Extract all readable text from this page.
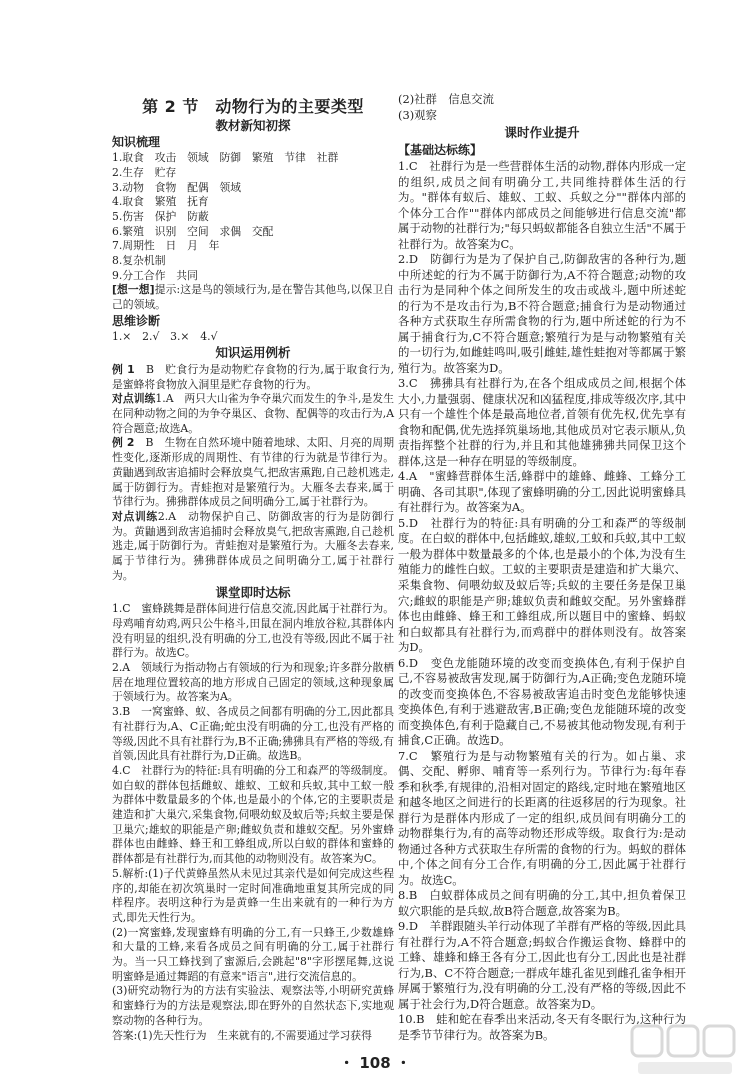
第 2 节　动物行为的主要类型
教材新知初探
知识梳理

1.取食　攻击　领域　防御　繁殖　节律　社群

2.生存　贮存

3.动物　食物　配偶　领域

4.取食　繁殖　抚育

5.伤害　保护　防蔽

6.繁殖　识别　空间　求偶　交配

7.周期性　日　月　年

8.复杂机制

9.分工合作　共同

[想一想]提示:这是鸟的领域行为,是在警告其他鸟,以保卫自己的领域。

思维诊断

1.×　2.√　3.×　4.√

知识运用例析

例 1　 B　贮食行为是动物贮存食物的行为,属于取食行为,是蜜蜂将食物放入洞里是贮存食物的行为。

对点训练1.A　两只大山雀为争夺巢穴而发生的争斗,是发生在同种动物之间的为争夺巢区、食物、配偶等的攻击行为,A符合题意;故选A。

例 2　 B　生物在自然环境中随着地球、太阳、月亮的周期性变化,逐渐形成的周期性、有节律的行为就是节律行为。黄鼬遇到敌害追捕时会释放臭气,把敌害熏跑,自己趁机逃走,属于防御行为。青蛙抱对是繁殖行为。大雁冬去春来,属于节律行为。狒狒群体成员之间明确分工,属于社群行为。

对点训练2.A　动物保护自己、防御敌害的行为是防御行为。黄鼬遇到敌害追捕时会释放臭气,把敌害熏跑,自己趁机逃走,属于防御行为。青蛙抱对是繁殖行为。大雁冬去春来,属于节律行为。狒狒群体成员之间明确分工,属于社群行为。

课堂即时达标

1.C　蜜蜂跳舞是群体间进行信息交流,因此属于社群行为。母鸡哺育幼鸡,两只公牛格斗,田鼠在洞内堆放谷粒,其群体内没有明显的组织,没有明确的分工,也没有等级,因此不属于社群行为。故选C。

2.A　领域行为指动物占有领域的行为和现象;许多群分散栖居在地理位置较高的地方形成自己固定的领域,这种现象属于领域行为。故答案为A。

3.B　一窝蜜蜂、蚁、各成员之间都有明确的分工,因此都具有社群行为,A、C正确;蛇虫没有明确的分工,也没有严格的等级,因此不具有社群行为,B不正确;狒狒具有严格的等级,有首领,因此具有社群行为,D正确。故选B。

4.C　社群行为的特征:具有明确的分工和森严的等级制度。如白蚁的群体包括雌蚁、雄蚁、工蚁和兵蚁,其中工蚁一般为群体中数量最多的个体,也是最小的个体,它的主要职责是建造和扩大巢穴,采集食物,伺喂幼蚁及蚁后等;兵蚁主要是保卫巢穴;雄蚁的职能是产卵;雌蚁负责和雄蚁交配。另外蜜蜂群体也由雌蜂、蜂王和工蜂组成,所以白蚁的群体和蜜蜂的群体都是有社群行为,而其他的动物则没有。故答案为C。

5.解析:(1)子代黄蜂虽然从未见过其亲代是如何完成这些程序的,却能在初次筑巢时一定时间准确地重复其所完成的同样程序。表明这种行为是黄蜂一生出来就有的一种行为方式,即先天性行为。

(2)一窝蜜蜂,发现蜜蜂有明确的分工,有一只蜂王,少数雄蜂和大量的工蜂,来看各成员之间有明确的分工,属于社群行为。当一只工蜂找到了蜜源后,会跳起"8"字形摆尾舞,这说明蜜蜂是通过舞蹈的有意来"语言",进行交流信息的。

(3)研究动物行为的方法有实验法、观察法等,小明研究黄蜂和蜜蜂行为的方法是观察法,即在野外的自然状态下,实地观察动物的各种行为。

答案:(1)先天性行为　生来就有的,不需要通过学习获得

(2)社群　信息交流

(3)观察

课时作业提升
【基础达标练】

1.C　社群行为是一些营群体生活的动物,群体内形成一定的组织,成员之间有明确分工,共同维持群体生活的行为。"群体有蚁后、雄蚁、工蚁、兵蚁之分""群体内部的个体分工合作""群体内部成员之间能够进行信息交流"都属于动物的社群行为;"每只蚂蚁都能各自独立生活"不属于社群行为。故答案为C。

2.D　防御行为是为了保护自己,防御敌害的各种行为,题中所述蛇的行为不属于防御行为,A不符合题意;动物的攻击行为是同种个体之间所发生的攻击或战斗,题中所述蛇的行为不是攻击行为,B不符合题意;捕食行为是动物通过各种方式获取生存所需食物的行为,题中所述蛇的行为不属于捕食行为,C不符合题意;繁殖行为是与动物繁殖有关的一切行为,如雌蛙鸣叫,吸引雌蛙,雄性蛙抱对等都属于繁殖行为。故答案为D。

3.C　狒狒具有社群行为,在各个组成成员之间,根据个体大小,力量强弱、健康状况和凶猛程度,排成等级次序,其中只有一个雄性个体是最高地位者,首领有优先权,优先享有食物和配偶,优先选择筑巢场地,其他成员对它表示顺从,负责指挥整个社群的行为,并且和其他雄狒狒共同保卫这个群体,这是一种存在明显的等级制度。

4.A　"蜜蜂营群体生活,蜂群中的雄蜂、雌蜂、工蜂分工明确、各司其职",体现了蜜蜂明确的分工,因此说明蜜蜂具有社群行为。故答案为A。

5.D　社群行为的特征:具有明确的分工和森严的等级制度。在白蚁的群体中,包括雌蚁,雄蚁,工蚁和兵蚁,其中工蚁一般为群体中数量最多的个体,也是最小的个体,为没有生殖能力的雌性白蚁。工蚁的主要职责是建造和扩大巢穴、采集食物、伺喂幼蚁及蚁后等;兵蚁的主要任务是保卫巢穴;雌蚁的职能是产卵;雄蚁负责和雌蚁交配。另外蜜蜂群体也由雌蜂、蜂王和工蜂组成,所以题目中的蜜蜂、蚂蚁和白蚁都具有社群行为,而鸡群中的群体则没有。故答案为D。

6.D　变色龙能随环境的改变而变换体色,有利于保护自己,不容易被敌害发现,属于防御行为,A正确;变色龙随环境的改变而变换体色,不容易被敌害追击时变色龙能够快速变换体色,有利于逃避敌害,B正确;变色龙能随环境的改变而变换体色,有利于隐藏自己,不易被其他动物发现,有利于捕食,C正确。故选D。

7.C　繁殖行为是与动物繁殖有关的行为。如占巢、求偶、交配、孵卵、哺育等一系列行为。节律行为:每年春季和秋季,有规律的,沿相对固定的路线,定时地在繁殖地区和越冬地区之间进行的长距离的往返移居的行为现象。社群行为是群体内形成了一定的组织,成员间有明确分工的动物群集行为,有的高等动物还形成等级。取食行为:是动物通过各种方式获取生存所需的食物的行为。蚂蚁的群体中,个体之间有分工合作,有明确的分工,因此属于社群行为。故选C。

8.B　白蚁群体成员之间有明确的分工,其中,担负着保卫蚁穴职能的是兵蚁,故B符合题意,故答案为B。

9.D　羊群跟随头羊行动体现了羊群有严格的等级,因此具有社群行为,A不符合题意;蚂蚁合作搬运食物、蜂群中的工蜂、雄蜂和蜂王各有分工,因此也有分工,因此也是社群行为,B、C不符合题意;一群成年雄孔雀见到雌孔雀争相开屏属于繁殖行为,没有明确的分工,没有严格的等级,因此不属于社会行为,D符合题意。故答案为D。

10.B　蛙和蛇在春季出来活动,冬天有冬眠行为,这种行为是季节节律行为。故答案为B。

・ 108 ・
